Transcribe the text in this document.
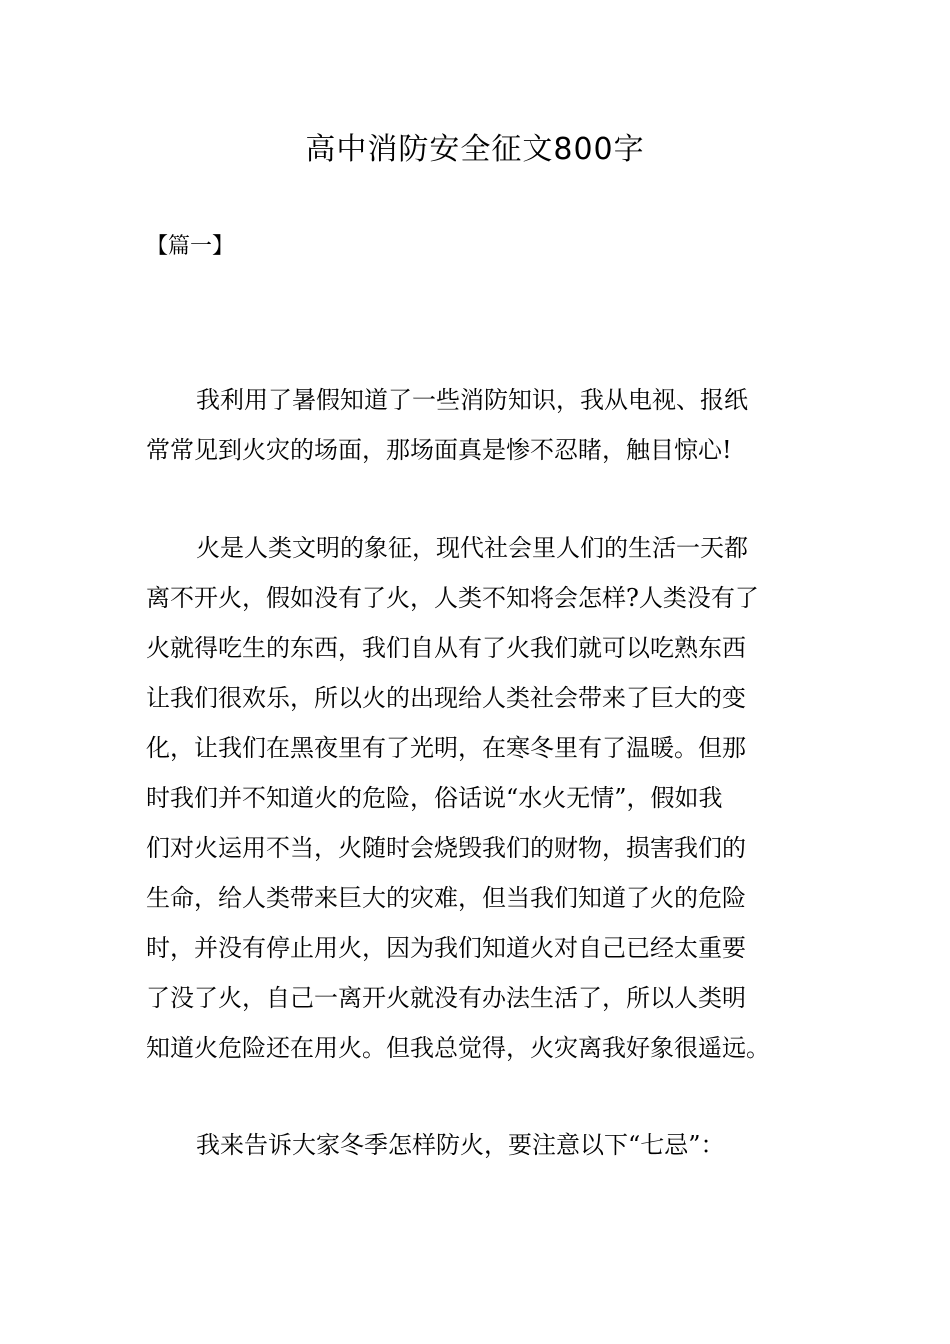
高中消防安全征文800字
【篇一】
我利用了暑假知道了一些消防知识，我从电视、报纸
常常见到火灾的场面，那场面真是惨不忍睹，触目惊心!
火是人类文明的象征，现代社会里人们的生活一天都
离不开火，假如没有了火，人类不知将会怎样?人类没有了
火就得吃生的东西，我们自从有了火我们就可以吃熟东西
让我们很欢乐，所以火的出现给人类社会带来了巨大的变
化，让我们在黑夜里有了光明，在寒冬里有了温暖。但那
时我们并不知道火的危险，俗话说“水火无情”，假如我
们对火运用不当，火随时会烧毁我们的财物，损害我们的
生命，给人类带来巨大的灾难，但当我们知道了火的危险
时，并没有停止用火，因为我们知道火对自己已经太重要
了没了火，自己一离开火就没有办法生活了，所以人类明
知道火危险还在用火。但我总觉得，火灾离我好象很遥远。
我来告诉大家冬季怎样防火，要注意以下“七忌”：
